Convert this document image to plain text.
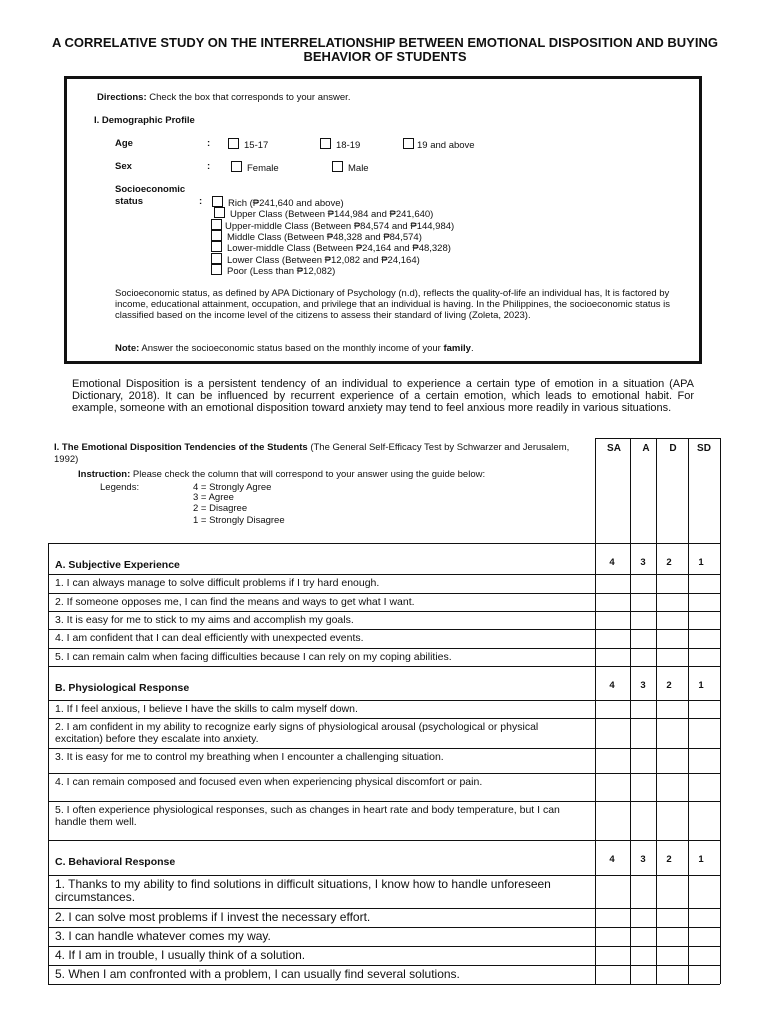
A CORRELATIVE STUDY ON THE INTERRELATIONSHIP BETWEEN EMOTIONAL DISPOSITION AND BUYING BEHAVIOR OF STUDENTS
Directions: Check the box that corresponds to your answer.
I. Demographic Profile
Age	:	15-17	18-19	19 and above
Sex	:	Female	Male
Socioeconomic
status	:	Rich (₱241,640 and above)
Upper Class (Between ₱144,984 and ₱241,640)
Upper-middle Class (Between ₱84,574 and ₱144,984)
Middle Class (Between ₱48,328 and ₱84,574)
Lower-middle Class (Between ₱24,164 and ₱48,328)
Lower Class (Between ₱12,082 and ₱24,164)
Poor (Less than ₱12,082)
Socioeconomic status, as defined by APA Dictionary of Psychology (n.d), reflects the quality-of-life an individual has, It is factored by income, educational attainment, occupation, and privilege that an individual is having. In the Philippines, the socioeconomic status is classified based on the income level of the citizens to assess their standard of living (Zoleta, 2023).
Note: Answer the socioeconomic status based on the monthly income of your family.
Emotional Disposition is a persistent tendency of an individual to experience a certain type of emotion in a situation (APA Dictionary, 2018). It can be influenced by recurrent experience of a certain emotion, which leads to emotional habit. For example, someone with an emotional disposition toward anxiety may tend to feel anxious more readily in various situations.
I. The Emotional Disposition Tendencies of the Students (The General Self-Efficacy Test by Schwarzer and Jerusalem, 1992)
Instruction: Please check the column that will correspond to your answer using the guide below:
Legends:	4 = Strongly Agree
3 = Agree
2 = Disagree
1 = Strongly Disagree
SA	A	D	SD
A. Subjective Experience	4	3	2	1
1. I can always manage to solve difficult problems if I try hard enough.
2. If someone opposes me, I can find the means and ways to get what I want.
3. It is easy for me to stick to my aims and accomplish my goals.
4. I am confident that I can deal efficiently with unexpected events.
5. I can remain calm when facing difficulties because I can rely on my coping abilities.
B. Physiological Response	4	3	2	1
1. If I feel anxious, I believe I have the skills to calm myself down.
2. I am confident in my ability to recognize early signs of physiological arousal (psychological or physical excitation) before they escalate into anxiety.
3. It is easy for me to control my breathing when I encounter a challenging situation.
4. I can remain composed and focused even when experiencing physical discomfort or pain.
5. I often experience physiological responses, such as changes in heart rate and body temperature, but I can handle them well.
C. Behavioral Response	4	3	2	1
1. Thanks to my ability to find solutions in difficult situations, I know how to handle unforeseen circumstances.
2. I can solve most problems if I invest the necessary effort.
3. I can handle whatever comes my way.
4. If I am in trouble, I usually think of a solution.
5. When I am confronted with a problem, I can usually find several solutions.
